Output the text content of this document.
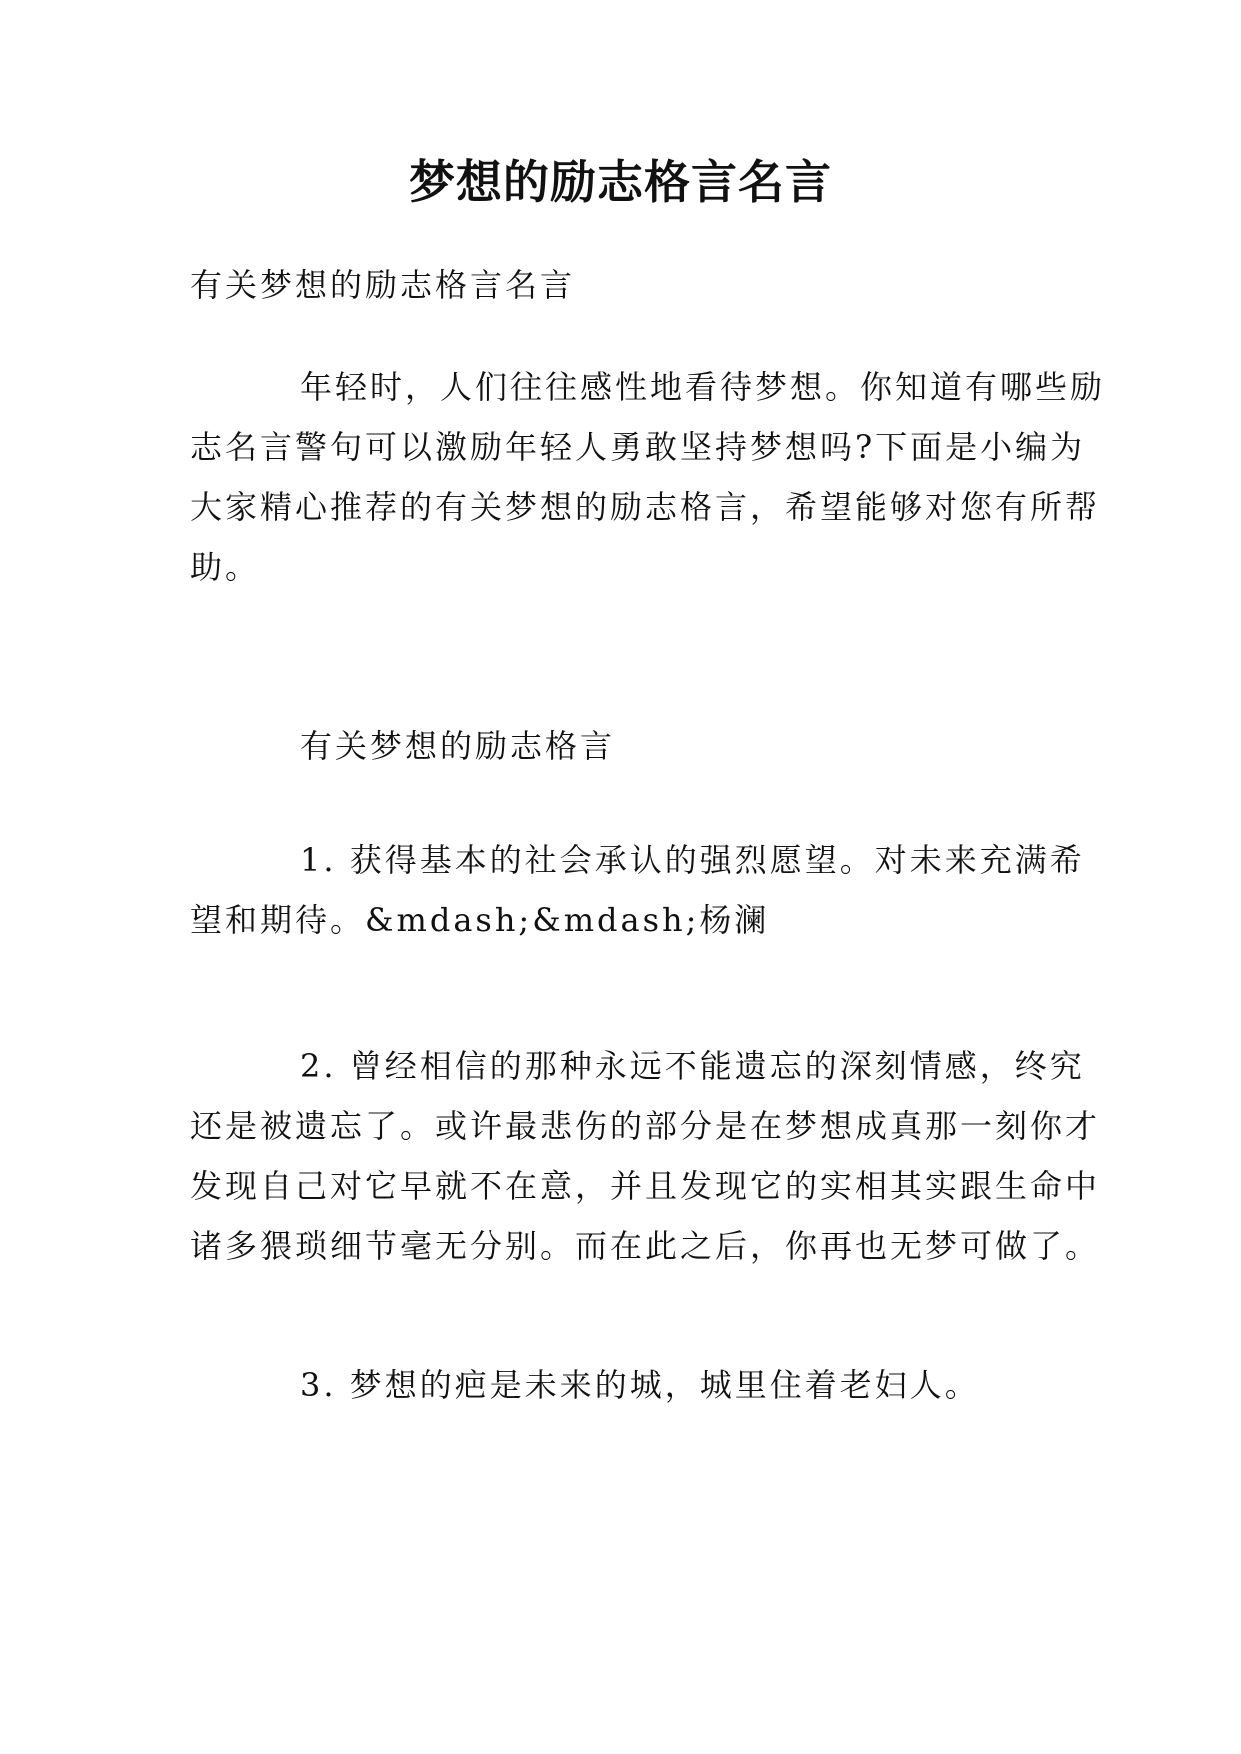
梦想的励志格言名言
有关梦想的励志格言名言
年轻时，人们往往感性地看待梦想。你知道有哪些励
志名言警句可以激励年轻人勇敢坚持梦想吗?下面是小编为
大家精心推荐的有关梦想的励志格言，希望能够对您有所帮
助。
有关梦想的励志格言
1. 获得基本的社会承认的强烈愿望。对未来充满希
望和期待。&mdash;&mdash;杨澜
2. 曾经相信的那种永远不能遗忘的深刻情感，终究
还是被遗忘了。或许最悲伤的部分是在梦想成真那一刻你才
发现自己对它早就不在意，并且发现它的实相其实跟生命中
诸多猥琐细节毫无分别。而在此之后，你再也无梦可做了。
3. 梦想的疤是未来的城，城里住着老妇人。
